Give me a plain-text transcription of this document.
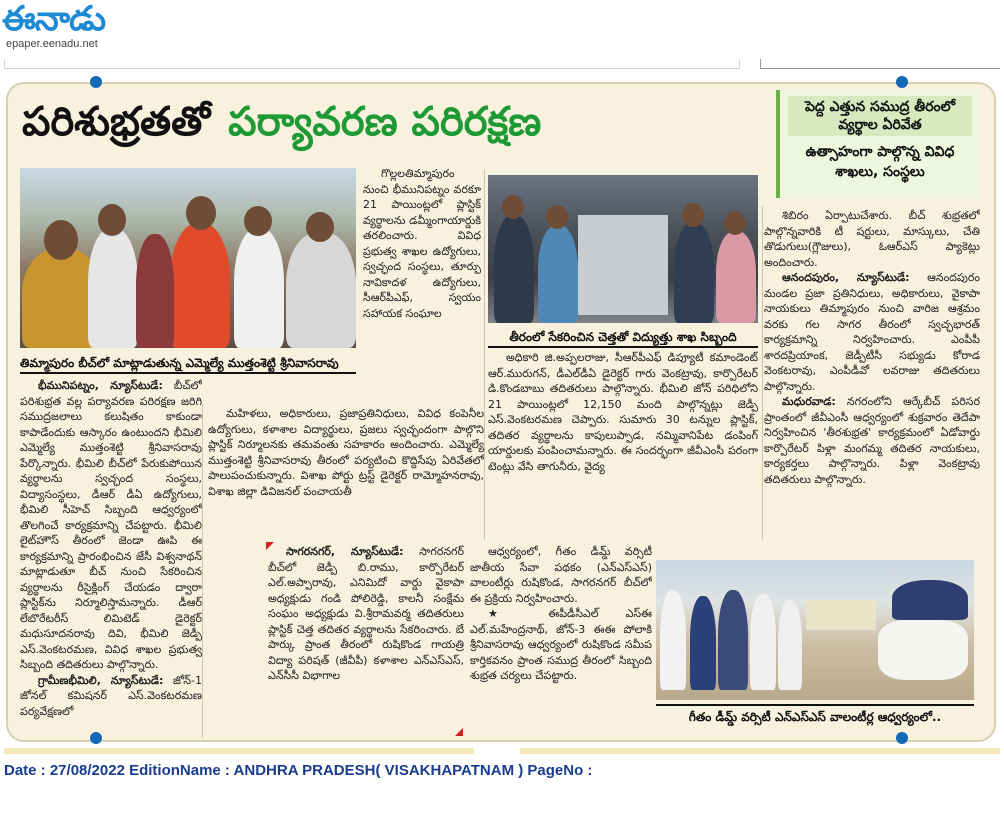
ఈనాడు
epaper.eenadu.net
పరిశుభ్రతతో పర్యావరణ పరిరక్షణ	పెద్ద ఎత్తున సముద్ర తీరంలో వ్యర్థాల ఏరివేత
ఉత్సాహంగా పాల్గొన్న వివిధ శాఖలు, సంస్థలు
తిమ్మాపురం బీచ్‌లో మాట్లాడుతున్న ఎమ్మెల్యే ముత్తంశెట్టి శ్రీనివాసరావు
తీరంలో సేకరించిన చెత్తతో విద్యుత్తు శాఖ సిబ్బంది
గీతం డీమ్డ్ వర్సిటీ ఎన్ఎస్ఎస్ వాలంటీర్ల ఆధ్వర్యంలో..

గొల్లలతిమ్మాపురం నుంచి భీమునిపట్నం వరకూ 21 పాయింట్లలో ప్లాస్టిక్ వ్యర్థాలను డమ్మీంగాయార్డుకి తరలించారు. వివిధ ప్రభుత్వ శాఖల ఉద్యోగులు, స్వచ్ఛంద సంస్థలు, తూర్పు నావికాదళ ఉద్యోగులు, సీఆర్‌పీఎఫ్, స్వయం సహాయక సంఘాల

భీమునిపట్నం, న్యూస్‌టుడే: బీచ్‌లో పరిశుభ్రత వల్ల పర్యావరణ పరిరక్షణ జరిగి సముద్రజలాలు కలుషితం కాకుండా కాపాడేందుకు ఆస్కారం ఉంటుందని భీమిలి ఎమ్మెల్యే ముత్తంశెట్టి శ్రీనివాసరావు పేర్కొన్నారు. భీమిలి బీచ్‌లో పేరుకుపోయిన వ్యర్థాలను స్వచ్ఛంద సంస్థలు, విద్యాసంస్థలు, డీఆర్ డీఏ ఉద్యోగులు, భీమిలి సీహెచ్ సిబ్బంది ఆధ్వర్యంలో తొలగించే కార్యక్రమాన్ని చేపట్టారు. భీమిలి లైట్‌హౌస్ తీరంలో జెండా ఊపి ఈ కార్యక్రమాన్ని ప్రారంభించిన జేసీ విశ్వనాథన్ మాట్లాడుతూ బీచ్ నుంచి సేకరించిన వ్యర్థాలను రీసైక్లింగ్ చేయడం ద్వారా ప్లాస్టిక్‌ను నిర్మూలిస్తామన్నారు. డీఆర్ లేబొరేటరీస్ లిమిటెడ్ డైరెక్టర్ మధుసూదనరావు దివి, భీమిలి జెడ్పీ ఎస్.వెంకటరమణ, వివిధ శాఖల ప్రభుత్వ సిబ్బంది తదితరులు పాల్గొన్నారు.

గ్రామీణభీమిలి, న్యూస్‌టుడే: జోన్-1 జోనల్ కమిషనర్ ఎస్.వెంకటరమణ పర్యవేక్షణలో

మహిళలు, అధికారులు, ప్రజాప్రతినిధులు, వివిధ కంపెనీల ఉద్యోగులు, కళాశాల విద్యార్థులు, ప్రజలు స్వచ్ఛందంగా పాల్గొని ప్లాస్టిక్ నిర్మూలనకు తమవంతు సహకారం అందించారు. ఎమ్మెల్యే ముత్తంశెట్టి శ్రీనివాసరావు తీరంలో పర్యటించి కొద్దిసేపు ఏరివేతలో పాలుపంచుకున్నారు. విశాఖ పోర్టు ట్రస్ట్ డైరెక్టర్ రామ్మోహనరావు, విశాఖ జిల్లా డివిజనల్ పంచాయతీ

అధికారి జి.అప్పలరాజు, సీఆర్‌పీఎఫ్ డిప్యూటీ కమాండెంట్ ఆర్.మురుగన్, డీఎల్‌డీఏ డైరెక్టర్ గారు వెంకట్రావు, కార్పొరేటర్ డి.కొండబాబు తదితరులు పాల్గొన్నారు. భీమిలి జోన్ పరిధిలోని 21 పాయింట్లలో 12,150 మంది పాల్గొన్నట్లు జెడ్పీ ఎస్.వెంకటరమణ చెప్పారు. సుమారు 30 టన్నుల ప్లాస్టిక్, తదితర వ్యర్థాలను కాపులుప్పాడ, నమ్మివానిపేట డంపింగ్ యార్డులకు పంపించామన్నారు. ఈ సందర్భంగా జీవీఎంసీ పరంగా టెంట్లు వేసి తాగునీరు, వైద్య

శిబిరం ఏర్పాటుచేశారు. బీచ్ శుభ్రతలో పాల్గొన్నవారికి టీ షర్టులు, మాస్కులు, చేతి తొడుగులు(గ్లౌజులు), ఓఆర్ఎస్ ప్యాకెట్లు అందించారు.

ఆనందపురం, న్యూస్‌టుడే: ఆనందపురం మండల ప్రజా ప్రతినిధులు, అధికారులు, వైకాపా నాయకులు తిమ్మాపురం నుంచి వారిజ ఆశ్రమం వరకు గల సాగర తీరంలో స్వచ్ఛభారత్ కార్యక్రమాన్ని నిర్వహించారు. ఎంపీపీ శారదప్రియాంక, జెడ్పీటీసీ సభ్యుడు కోరాడ వెంకటరావు, ఎంపీడీవో లవరాజు తదితరులు పాల్గొన్నారు.

మధురవాడ: నగరంలోని ఆర్కేబీచ్ పరిసర ప్రాంతంలో జీవీఎంసీ ఆధ్వర్యంలో శుక్రవారం తెదేపా నిర్వహించిన 'తీరశుభ్రత' కార్యక్రమంలో ఏడోవార్డు కార్పొరేటర్ పిళ్లా మంగమ్మ తదితర నాయకులు, కార్యకర్తలు పాల్గొన్నారు. పిళ్లా వెంకట్రావు తదితరులు పాల్గొన్నారు.

సాగరనగర్, న్యూస్‌టుడే: సాగరనగర్ బీచ్‌లో జెడ్పీ బి.రాము, కార్పొరేటర్ ఎల్.అప్పారావు, ఎనిమిదో వార్డు వైకాపా అధ్యక్షుడు గండి పోలిరెడ్డి, కాలనీ సంక్షేమ సంఘం అధ్యక్షుడు వి.శ్రీరామవర్మ తదితరులు ప్లాస్టిక్ చెత్త తదితర వ్యర్థాలను సేకరించారు. బే పార్కు ప్రాంత తీరంలో రుషికొండ గాయత్రి విద్యా పరిషత్ (జీవీపీ) కళాశాల ఎన్ఎస్ఎస్, ఎన్‌సీసీ విభాగాల

ఆధ్వర్యంలో, గీతం డీమ్డ్ వర్సిటీ జాతీయ సేవా పథకం (ఎన్ఎస్ఎస్) వాలంటీర్లు రుషికొండ, సాగరనగర్ బీచ్‌లో ఈ ప్రక్రియ నిర్వహించారు.

★ ఈపీడీసీఎల్ ఎస్ఈ ఎల్.మహేంద్రనాథ్, జోన్-3 ఈఈ పోలాకి శ్రీనివాసరావు ఆధ్వర్యంలో రుషికొండ సమీప కార్తికవనం ప్రాంత సముద్ర తీరంలో సిబ్బంది శుభ్రత చర్యలు చేపట్టారు.

Date : 27/08/2022 EditionName : ANDHRA PRADESH( VISAKHAPATNAM ) PageNo :
